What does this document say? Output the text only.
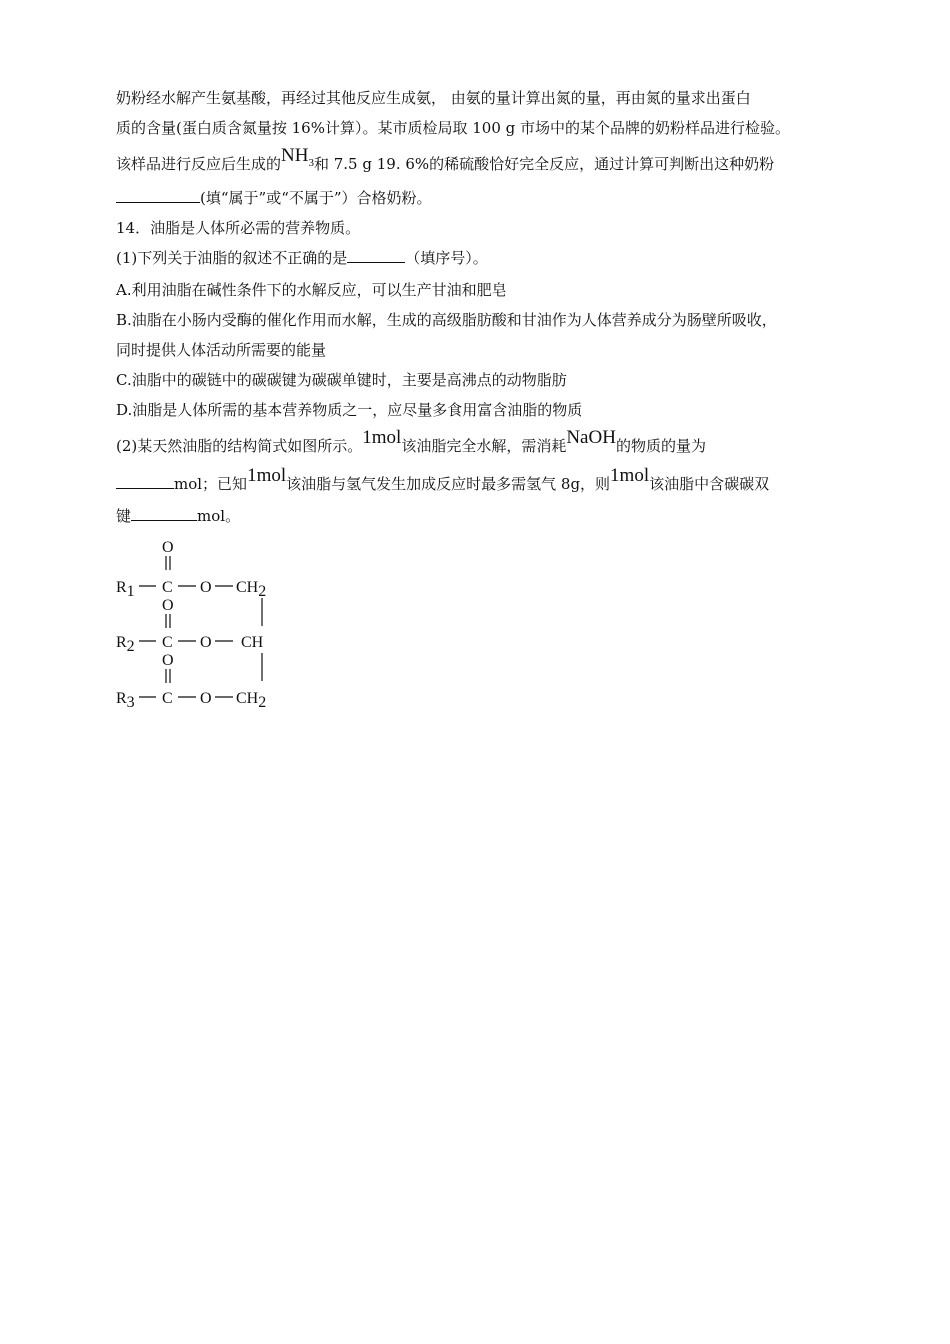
奶粉经水解产生氨基酸，再经过其他反应生成氨， 由氨的量计算出氮的量，再由氮的量求出蛋白

质的含量(蛋白质含氮量按 16%计算）。某市质检局取 100 g 市场中的某个品牌的奶粉样品进行检验。

该样品进行反应后生成的$NH_3$和 7.5 g 19. 6%的稀硫酸恰好完全反应，通过计算可判断出这种奶粉

(填“属于”或“不属于”）合格奶粉。

14．油脂是人体所必需的营养物质。

(1)下列关于油脂的叙述不正确的是	（填序号）。

A.利用油脂在碱性条件下的水解反应，可以生产甘油和肥皂

B.油脂在小肠内受酶的催化作用而水解，生成的高级脂肪酸和甘油作为人体营养成分为肠壁所吸收，

同时提供人体活动所需要的能量

C.油脂中的碳链中的碳碳键为碳碳单键时，主要是高沸点的动物脂肪

D.油脂是人体所需的基本营养物质之一，应尽量多食用富含油脂的物质

(2)某天然油脂的结构简式如图所示。1mol该油脂完全水解，需消耗NaOH的物质的量为

mol；已知1mol该油脂与氢气发生加成反应时最多需氢气 8g，则1mol该油脂中含碳碳双

键	mol。

O
R1 C O CH2
O
R2 C O CH
O
R3 C O CH2
